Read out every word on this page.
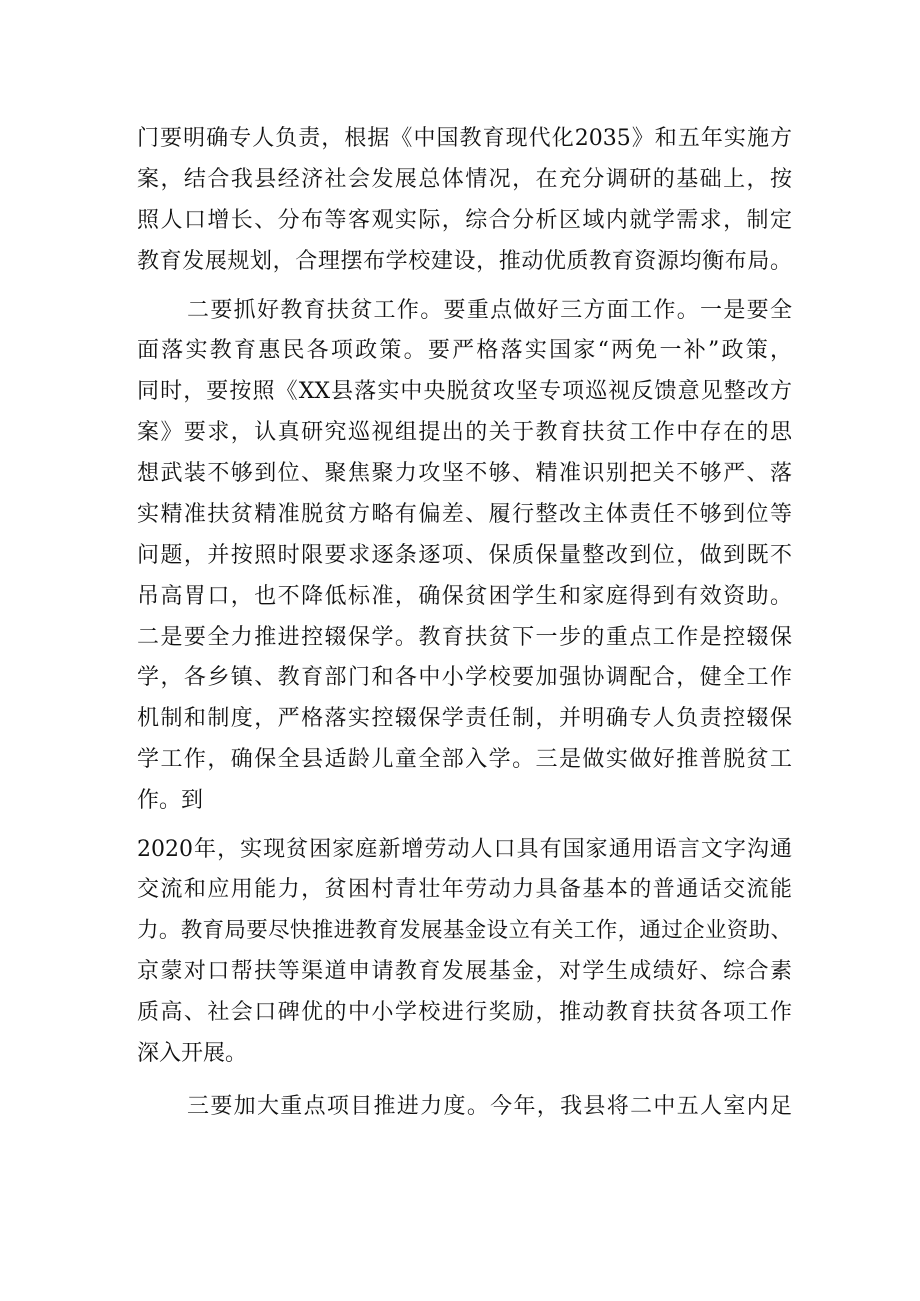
门要明确专人负责，根据《中国教育现代化2035》和五年实施方
案，结合我县经济社会发展总体情况，在充分调研的基础上，按
照人口增长、分布等客观实际，综合分析区域内就学需求，制定
教育发展规划，合理摆布学校建设，推动优质教育资源均衡布局。
二要抓好教育扶贫工作。要重点做好三方面工作。一是要全
面落实教育惠民各项政策。要严格落实国家“两免一补”政策，
同时，要按照《XX县落实中央脱贫攻坚专项巡视反馈意见整改方
案》要求，认真研究巡视组提出的关于教育扶贫工作中存在的思
想武装不够到位、聚焦聚力攻坚不够、精准识别把关不够严、落
实精准扶贫精准脱贫方略有偏差、履行整改主体责任不够到位等
问题，并按照时限要求逐条逐项、保质保量整改到位，做到既不
吊高胃口，也不降低标准，确保贫困学生和家庭得到有效资助。
二是要全力推进控辍保学。教育扶贫下一步的重点工作是控辍保
学，各乡镇、教育部门和各中小学校要加强协调配合，健全工作
机制和制度，严格落实控辍保学责任制，并明确专人负责控辍保
学工作，确保全县适龄儿童全部入学。三是做实做好推普脱贫工
作。到
2020年，实现贫困家庭新增劳动人口具有国家通用语言文字沟通
交流和应用能力，贫困村青壮年劳动力具备基本的普通话交流能
力。教育局要尽快推进教育发展基金设立有关工作，通过企业资助、
京蒙对口帮扶等渠道申请教育发展基金，对学生成绩好、综合素
质高、社会口碑优的中小学校进行奖励，推动教育扶贫各项工作
深入开展。
三要加大重点项目推进力度。今年，我县将二中五人室内足
